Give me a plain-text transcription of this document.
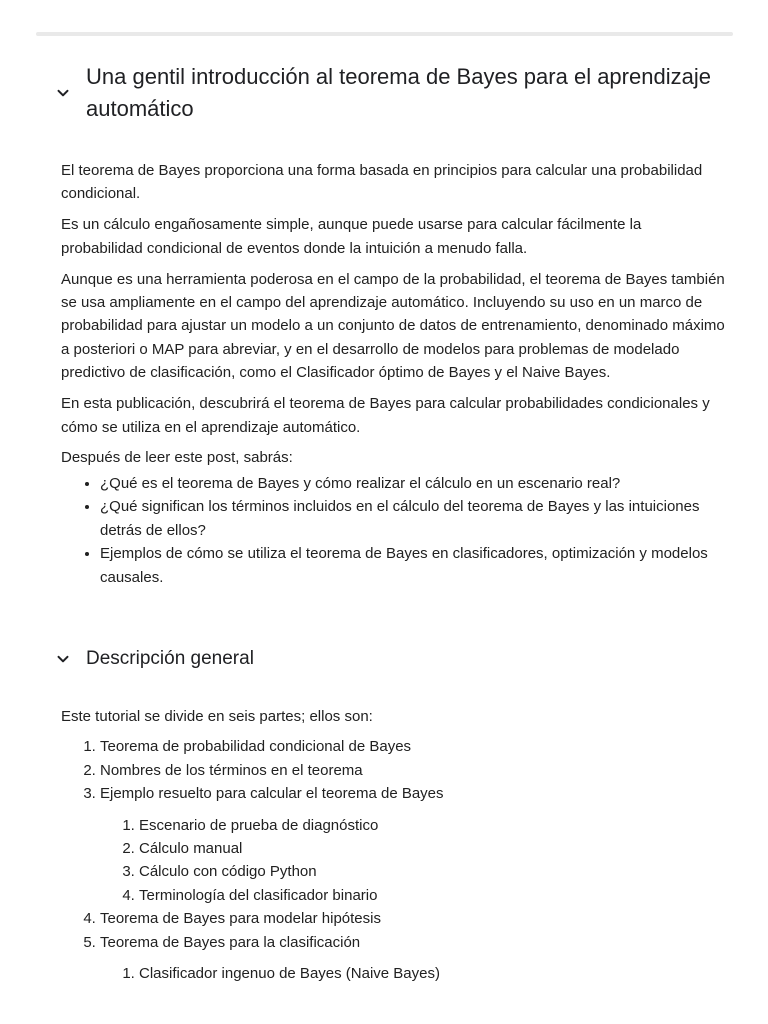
Una gentil introducción al teorema de Bayes para el aprendizaje automático

El teorema de Bayes proporciona una forma basada en principios para calcular una probabilidad condicional.

Es un cálculo engañosamente simple, aunque puede usarse para calcular fácilmente la probabilidad condicional de eventos donde la intuición a menudo falla.

Aunque es una herramienta poderosa en el campo de la probabilidad, el teorema de Bayes también se usa ampliamente en el campo del aprendizaje automático. Incluyendo su uso en un marco de probabilidad para ajustar un modelo a un conjunto de datos de entrenamiento, denominado máximo a posteriori o MAP para abreviar, y en el desarrollo de modelos para problemas de modelado predictivo de clasificación, como el Clasificador óptimo de Bayes y el Naive Bayes.

En esta publicación, descubrirá el teorema de Bayes para calcular probabilidades condicionales y cómo se utiliza en el aprendizaje automático.

Después de leer este post, sabrás:

• ¿Qué es el teorema de Bayes y cómo realizar el cálculo en un escenario real?
• ¿Qué significan los términos incluidos en el cálculo del teorema de Bayes y las intuiciones detrás de ellos?
• Ejemplos de cómo se utiliza el teorema de Bayes en clasificadores, optimización y modelos causales.
Descripción general

Este tutorial se divide en seis partes; ellos son:

1. Teorema de probabilidad condicional de Bayes
2. Nombres de los términos en el teorema
3. Ejemplo resuelto para calcular el teorema de Bayes
1. Escenario de prueba de diagnóstico
2. Cálculo manual
3. Cálculo con código Python
4. Terminología del clasificador binario
4. Teorema de Bayes para modelar hipótesis
5. Teorema de Bayes para la clasificación
1. Clasificador ingenuo de Bayes (Naive Bayes)
